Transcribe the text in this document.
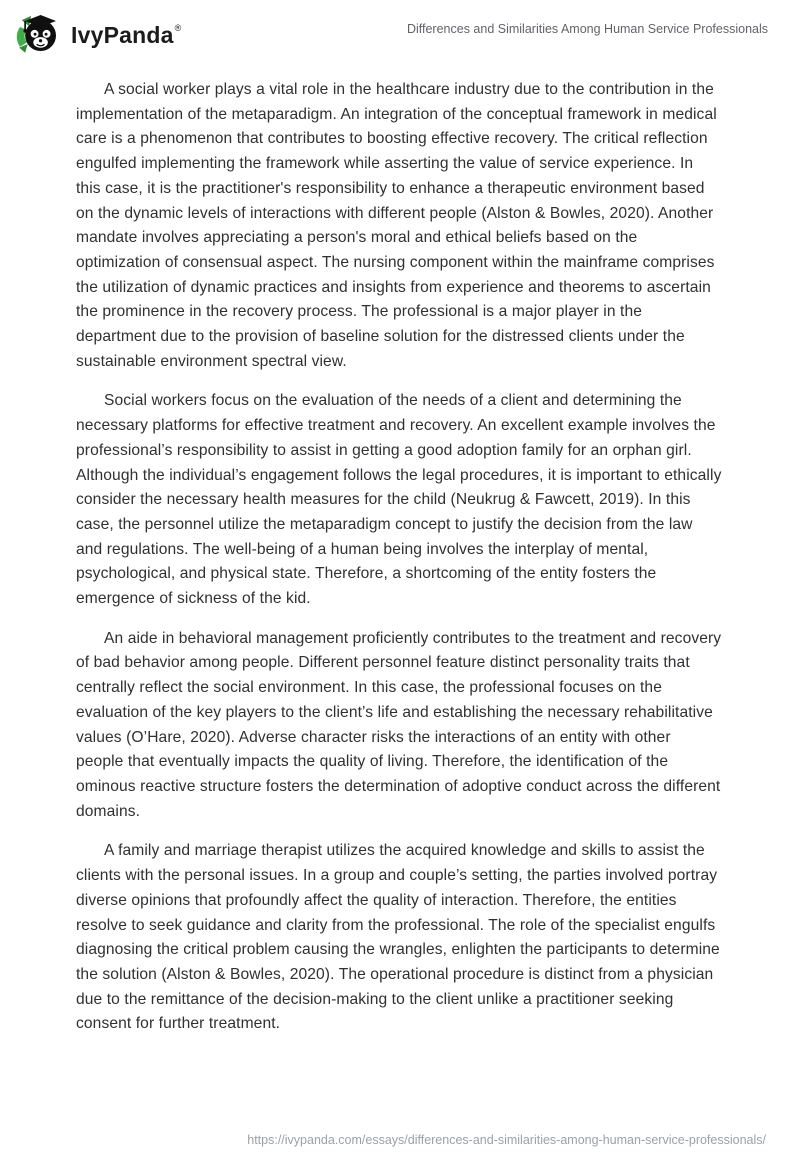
IvyPanda ®	Differences and Similarities Among Human Service Professionals

A social worker plays a vital role in the healthcare industry due to the contribution in the implementation of the metaparadigm. An integration of the conceptual framework in medical care is a phenomenon that contributes to boosting effective recovery. The critical reflection engulfed implementing the framework while asserting the value of service experience. In this case, it is the practitioner's responsibility to enhance a therapeutic environment based on the dynamic levels of interactions with different people (Alston & Bowles, 2020). Another mandate involves appreciating a person's moral and ethical beliefs based on the optimization of consensual aspect. The nursing component within the mainframe comprises the utilization of dynamic practices and insights from experience and theorems to ascertain the prominence in the recovery process. The professional is a major player in the department due to the provision of baseline solution for the distressed clients under the sustainable environment spectral view.

Social workers focus on the evaluation of the needs of a client and determining the necessary platforms for effective treatment and recovery. An excellent example involves the professional’s responsibility to assist in getting a good adoption family for an orphan girl. Although the individual’s engagement follows the legal procedures, it is important to ethically consider the necessary health measures for the child (Neukrug & Fawcett, 2019). In this case, the personnel utilize the metaparadigm concept to justify the decision from the law and regulations. The well-being of a human being involves the interplay of mental, psychological, and physical state. Therefore, a shortcoming of the entity fosters the emergence of sickness of the kid.

An aide in behavioral management proficiently contributes to the treatment and recovery of bad behavior among people. Different personnel feature distinct personality traits that centrally reflect the social environment. In this case, the professional focuses on the evaluation of the key players to the client’s life and establishing the necessary rehabilitative values (O’Hare, 2020). Adverse character risks the interactions of an entity with other people that eventually impacts the quality of living. Therefore, the identification of the ominous reactive structure fosters the determination of adoptive conduct across the different domains.

A family and marriage therapist utilizes the acquired knowledge and skills to assist the clients with the personal issues. In a group and couple’s setting, the parties involved portray diverse opinions that profoundly affect the quality of interaction. Therefore, the entities resolve to seek guidance and clarity from the professional. The role of the specialist engulfs diagnosing the critical problem causing the wrangles, enlighten the participants to determine the solution (Alston & Bowles, 2020). The operational procedure is distinct from a physician due to the remittance of the decision-making to the client unlike a practitioner seeking consent for further treatment.

https://ivypanda.com/essays/differences-and-similarities-among-human-service-professionals/
